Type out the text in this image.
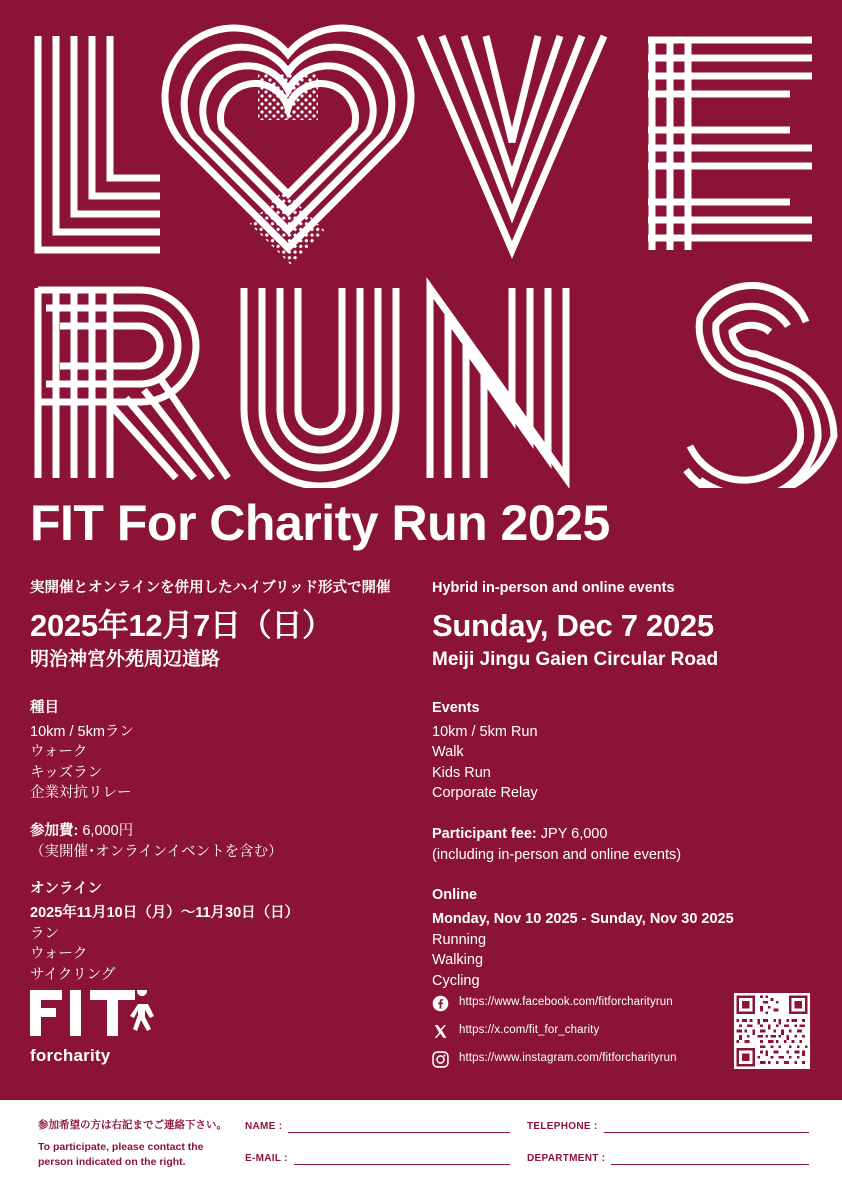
FIT For Charity Run 2025

実開催とオンラインを併用したハイブリッド形式で開催

2025年12月7日（日）

明治神宮外苑周辺道路

種目

10km / 5kmラン

ウォーク

キッズラン

企業対抗リレー

参加費: 6,000円

（実開催･オンラインイベントを含む）

オンライン

2025年11月10日（月）〜11月30日（日）

ラン

ウォーク

サイクリング

Hybrid in-person and online events

Sunday, Dec 7 2025

Meiji Jingu Gaien Circular Road

Events

10km / 5km Run

Walk

Kids Run

Corporate Relay

Participant fee: JPY 6,000

(including in-person and online events)

Online

Monday, Nov 10 2025 - Sunday, Nov 30 2025

Running

Walking

Cycling

forcharity
https://www.facebook.com/fitforcharityrun
https://x.com/fit_for_charity
https://www.instagram.com/fitforcharityrun
参加希望の方は右記までご連絡下さい。
To participate, please contact the person indicated on the right.
NAME :	TELEPHONE :
E-MAIL :	DEPARTMENT :
